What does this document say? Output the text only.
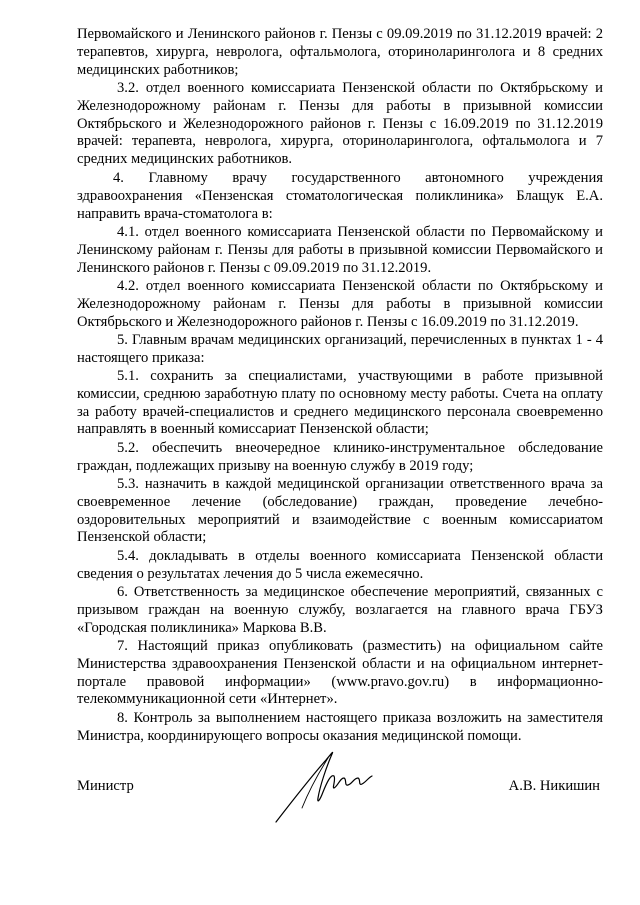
Первомайского и Ленинского районов г. Пензы с 09.09.2019 по 31.12.2019 врачей: 2 терапевтов, хирурга, невролога, офтальмолога, оториноларинголога и 8 средних медицинских работников;

3.2. отдел военного комиссариата Пензенской области по Октябрьскому и Железнодорожному районам г. Пензы для работы в призывной комиссии Октябрьского и Железнодорожного районов г. Пензы с 16.09.2019 по 31.12.2019 врачей: терапевта, невролога, хирурга, оториноларинголога, офтальмолога и 7 средних медицинских работников.

4. Главному врачу государственного автономного учреждения здравоохранения «Пензенская стоматологическая поликлиника» Блащук Е.А. направить врача-стоматолога в:

4.1. отдел военного комиссариата Пензенской области по Первомайскому и Ленинскому районам г. Пензы для работы в призывной комиссии Первомайского и Ленинского районов г. Пензы с 09.09.2019 по 31.12.2019.

4.2. отдел военного комиссариата Пензенской области по Октябрьскому и Железнодорожному районам г. Пензы для работы в призывной комиссии Октябрьского и Железнодорожного районов г. Пензы с 16.09.2019 по 31.12.2019.

5. Главным врачам медицинских организаций, перечисленных в пунктах 1 - 4 настоящего приказа:

5.1. сохранить за специалистами, участвующими в работе призывной комиссии, среднюю заработную плату по основному месту работы. Счета на оплату за работу врачей-специалистов и среднего медицинского персонала своевременно направлять в военный комиссариат Пензенской области;

5.2. обеспечить внеочередное клинико-инструментальное обследование граждан, подлежащих призыву на военную службу в 2019 году;

5.3. назначить в каждой медицинской организации ответственного врача за своевременное лечение (обследование) граждан, проведение лечебно-оздоровительных мероприятий и взаимодействие с военным комиссариатом Пензенской области;

5.4. докладывать в отделы военного комиссариата Пензенской области сведения о результатах лечения до 5 числа ежемесячно.

6. Ответственность за медицинское обеспечение мероприятий, связанных с призывом граждан на военную службу, возлагается на главного врача ГБУЗ «Городская поликлиника» Маркова В.В.

7. Настоящий приказ опубликовать (разместить) на официальном сайте Министерства здравоохранения Пензенской области и на официальном интернет-портале правовой информации» (www.pravo.gov.ru) в информационно-телекоммуникационной сети «Интернет».

8. Контроль за выполнением настоящего приказа возложить на заместителя Министра, координирующего вопросы оказания медицинской помощи.

Министр	А.В. Никишин
